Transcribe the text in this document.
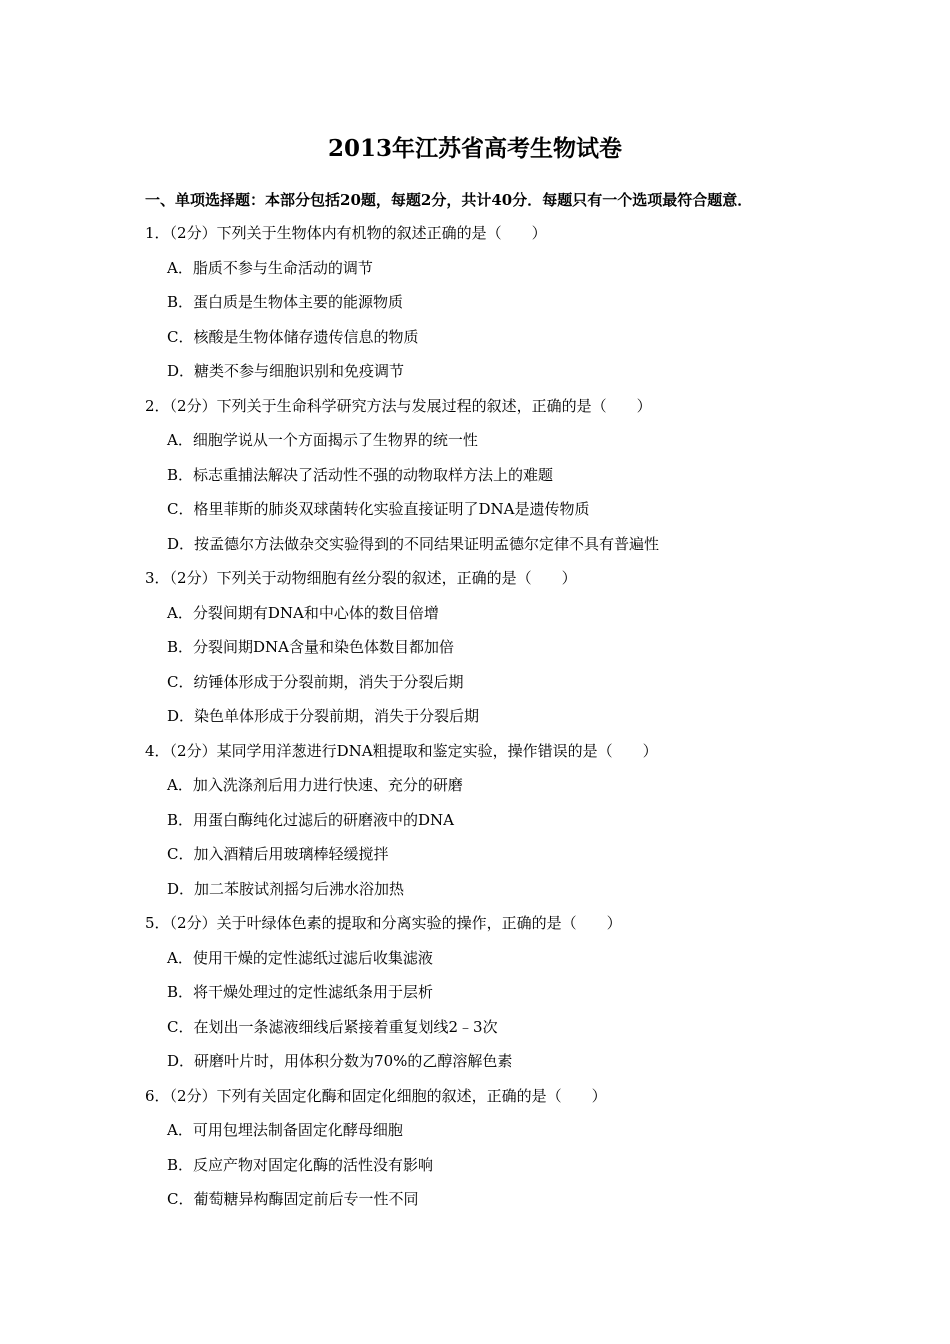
2013年江苏省高考生物试卷
一、单项选择题：本部分包括20题，每题2分，共计40分．每题只有一个选项最符合题意．
1．（2分）下列关于生物体内有机物的叙述正确的是（　　）
A．脂质不参与生命活动的调节
B．蛋白质是生物体主要的能源物质
C．核酸是生物体储存遗传信息的物质
D．糖类不参与细胞识别和免疫调节
2．（2分）下列关于生命科学研究方法与发展过程的叙述，正确的是（　　）
A．细胞学说从一个方面揭示了生物界的统一性
B．标志重捕法解决了活动性不强的动物取样方法上的难题
C．格里菲斯的肺炎双球菌转化实验直接证明了DNA是遗传物质
D．按孟德尔方法做杂交实验得到的不同结果证明孟德尔定律不具有普遍性
3．（2分）下列关于动物细胞有丝分裂的叙述，正确的是（　　）
A．分裂间期有DNA和中心体的数目倍增
B．分裂间期DNA含量和染色体数目都加倍
C．纺锤体形成于分裂前期，消失于分裂后期
D．染色单体形成于分裂前期，消失于分裂后期
4．（2分）某同学用洋葱进行DNA粗提取和鉴定实验，操作错误的是（　　）
A．加入洗涤剂后用力进行快速、充分的研磨
B．用蛋白酶纯化过滤后的研磨液中的DNA
C．加入酒精后用玻璃棒轻缓搅拌
D．加二苯胺试剂摇匀后沸水浴加热
5．（2分）关于叶绿体色素的提取和分离实验的操作，正确的是（　　）
A．使用干燥的定性滤纸过滤后收集滤液
B．将干燥处理过的定性滤纸条用于层析
C．在划出一条滤液细线后紧接着重复划线2﹣3次
D．研磨叶片时，用体积分数为70%的乙醇溶解色素
6．（2分）下列有关固定化酶和固定化细胞的叙述，正确的是（　　）
A．可用包埋法制备固定化酵母细胞
B．反应产物对固定化酶的活性没有影响
C．葡萄糖异构酶固定前后专一性不同
